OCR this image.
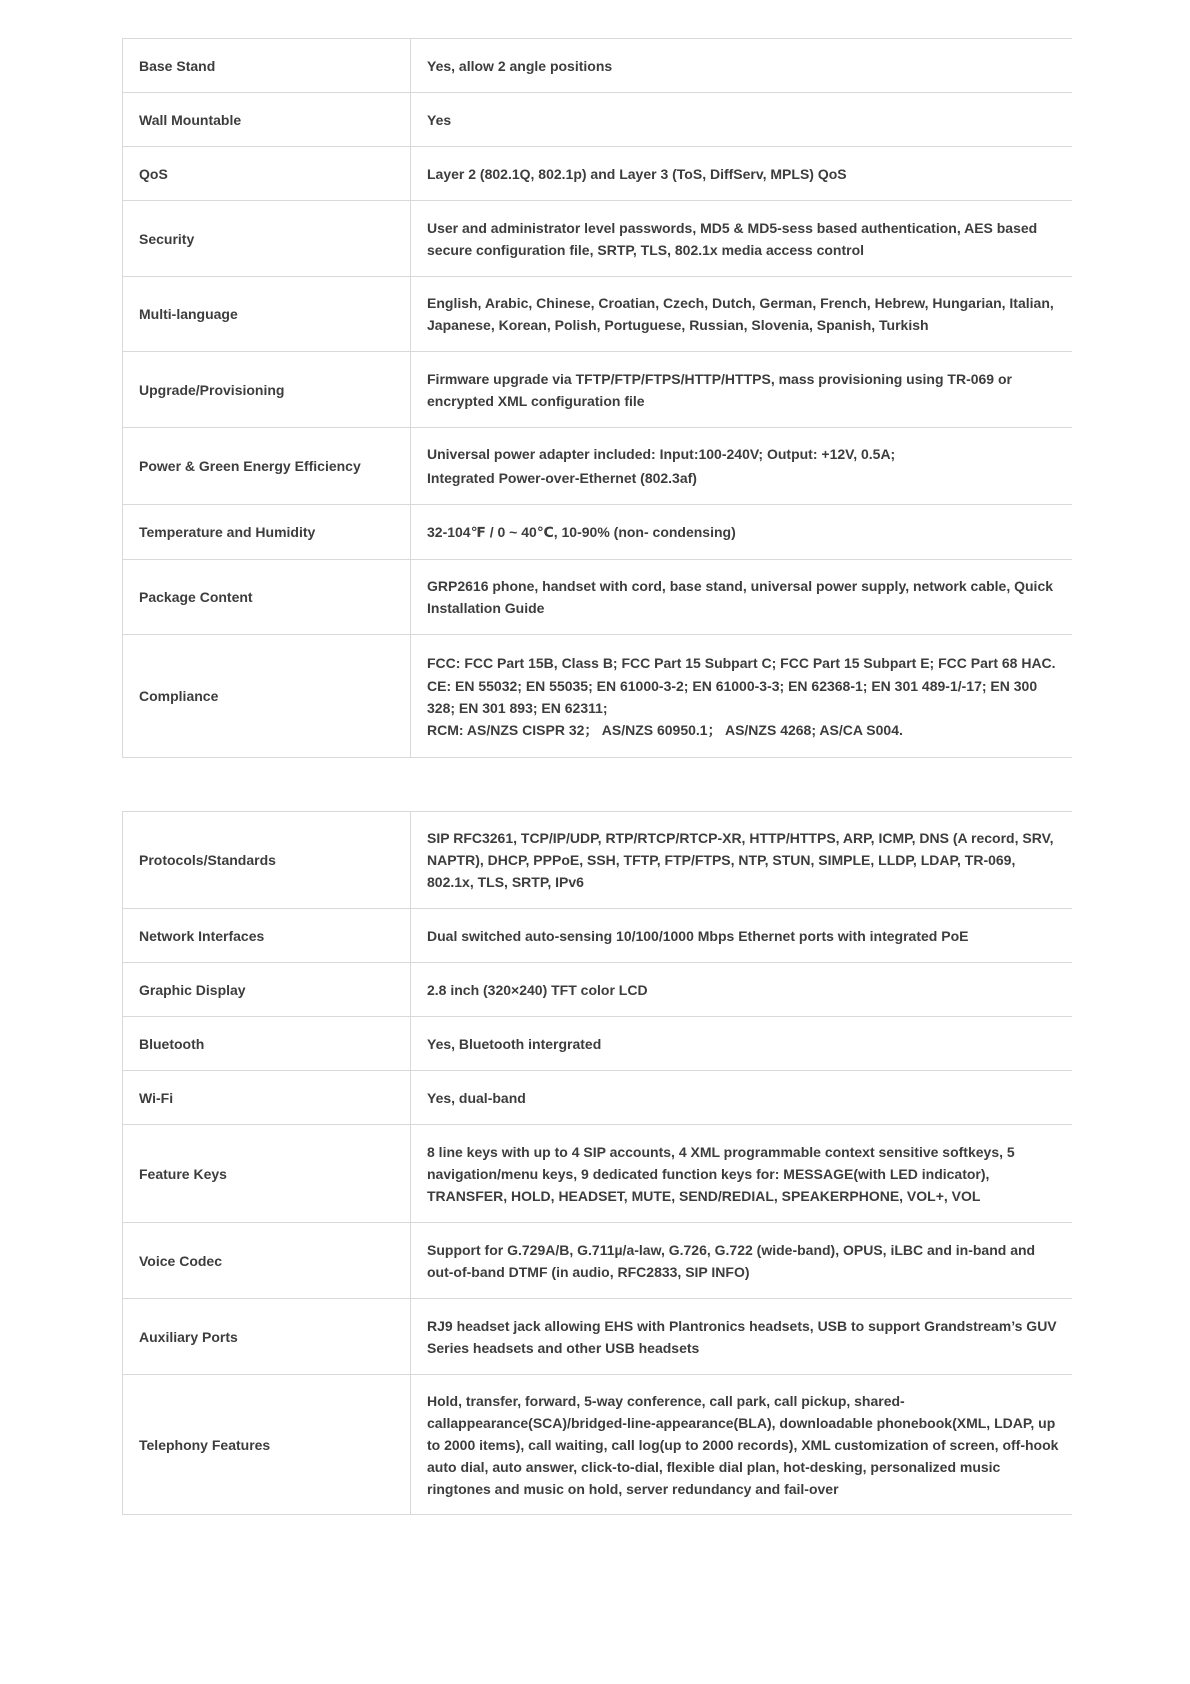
Base Stand	Yes, allow 2 angle positions

Wall Mountable	Yes

QoS	Layer 2 (802.1Q, 802.1p) and Layer 3 (ToS, DiffServ, MPLS) QoS

Security	User and administrator level passwords, MD5 & MD5-sess based authentication, AES based secure configuration file, SRTP, TLS, 802.1x media access control

Multi-language	English, Arabic, Chinese, Croatian, Czech, Dutch, German, French, Hebrew, Hungarian, Italian, Japanese, Korean, Polish, Portuguese, Russian, Slovenia, Spanish, Turkish

Upgrade/Provisioning	Firmware upgrade via TFTP/FTP/FTPS/HTTP/HTTPS, mass provisioning using TR-069 or encrypted XML configuration file

Power & Green Energy Efficiency	Universal power adapter included: Input:100-240V; Output: +12V, 0.5A;
Integrated Power-over-Ethernet (802.3af)

Temperature and Humidity	32-104℉ / 0 ~ 40℃, 10-90% (non- condensing)

Package Content	GRP2616 phone, handset with cord, base stand, universal power supply, network cable, Quick Installation Guide

Compliance	FCC: FCC Part 15B, Class B; FCC Part 15 Subpart C; FCC Part 15 Subpart E; FCC Part 68 HAC.
CE: EN 55032; EN 55035; EN 61000-3-2; EN 61000-3-3; EN 62368-1; EN 301 489-1/-17; EN 300 328; EN 301 893; EN 62311;
RCM: AS/NZS CISPR 32； AS/NZS 60950.1； AS/NZS 4268; AS/CA S004.
Protocols/Standards	SIP RFC3261, TCP/IP/UDP, RTP/RTCP/RTCP-XR, HTTP/HTTPS, ARP, ICMP, DNS (A record, SRV, NAPTR), DHCP, PPPoE, SSH, TFTP, FTP/FTPS, NTP, STUN, SIMPLE, LLDP, LDAP, TR-069, 802.1x, TLS, SRTP, IPv6

Network Interfaces	Dual switched auto-sensing 10/100/1000 Mbps Ethernet ports with integrated PoE

Graphic Display	2.8 inch (320×240) TFT color LCD

Bluetooth	Yes, Bluetooth intergrated

Wi-Fi	Yes, dual-band

Feature Keys	8 line keys with up to 4 SIP accounts, 4 XML programmable context sensitive softkeys, 5 navigation/menu keys, 9 dedicated function keys for: MESSAGE(with LED indicator), TRANSFER, HOLD, HEADSET, MUTE, SEND/REDIAL, SPEAKERPHONE, VOL+, VOL

Voice Codec	Support for G.729A/B, G.711µ/a-law, G.726, G.722 (wide-band), OPUS, iLBC and in-band and out-of-band DTMF (in audio, RFC2833, SIP INFO)

Auxiliary Ports	RJ9 headset jack allowing EHS with Plantronics headsets, USB to support Grandstream’s GUV Series headsets and other USB headsets

Telephony Features	Hold, transfer, forward, 5-way conference, call park, call pickup, shared-callappearance(SCA)/bridged-line-appearance(BLA), downloadable phonebook(XML, LDAP, up to 2000 items), call waiting, call log(up to 2000 records), XML customization of screen, off-hook auto dial, auto answer, click-to-dial, flexible dial plan, hot-desking, personalized music ringtones and music on hold, server redundancy and fail-over
